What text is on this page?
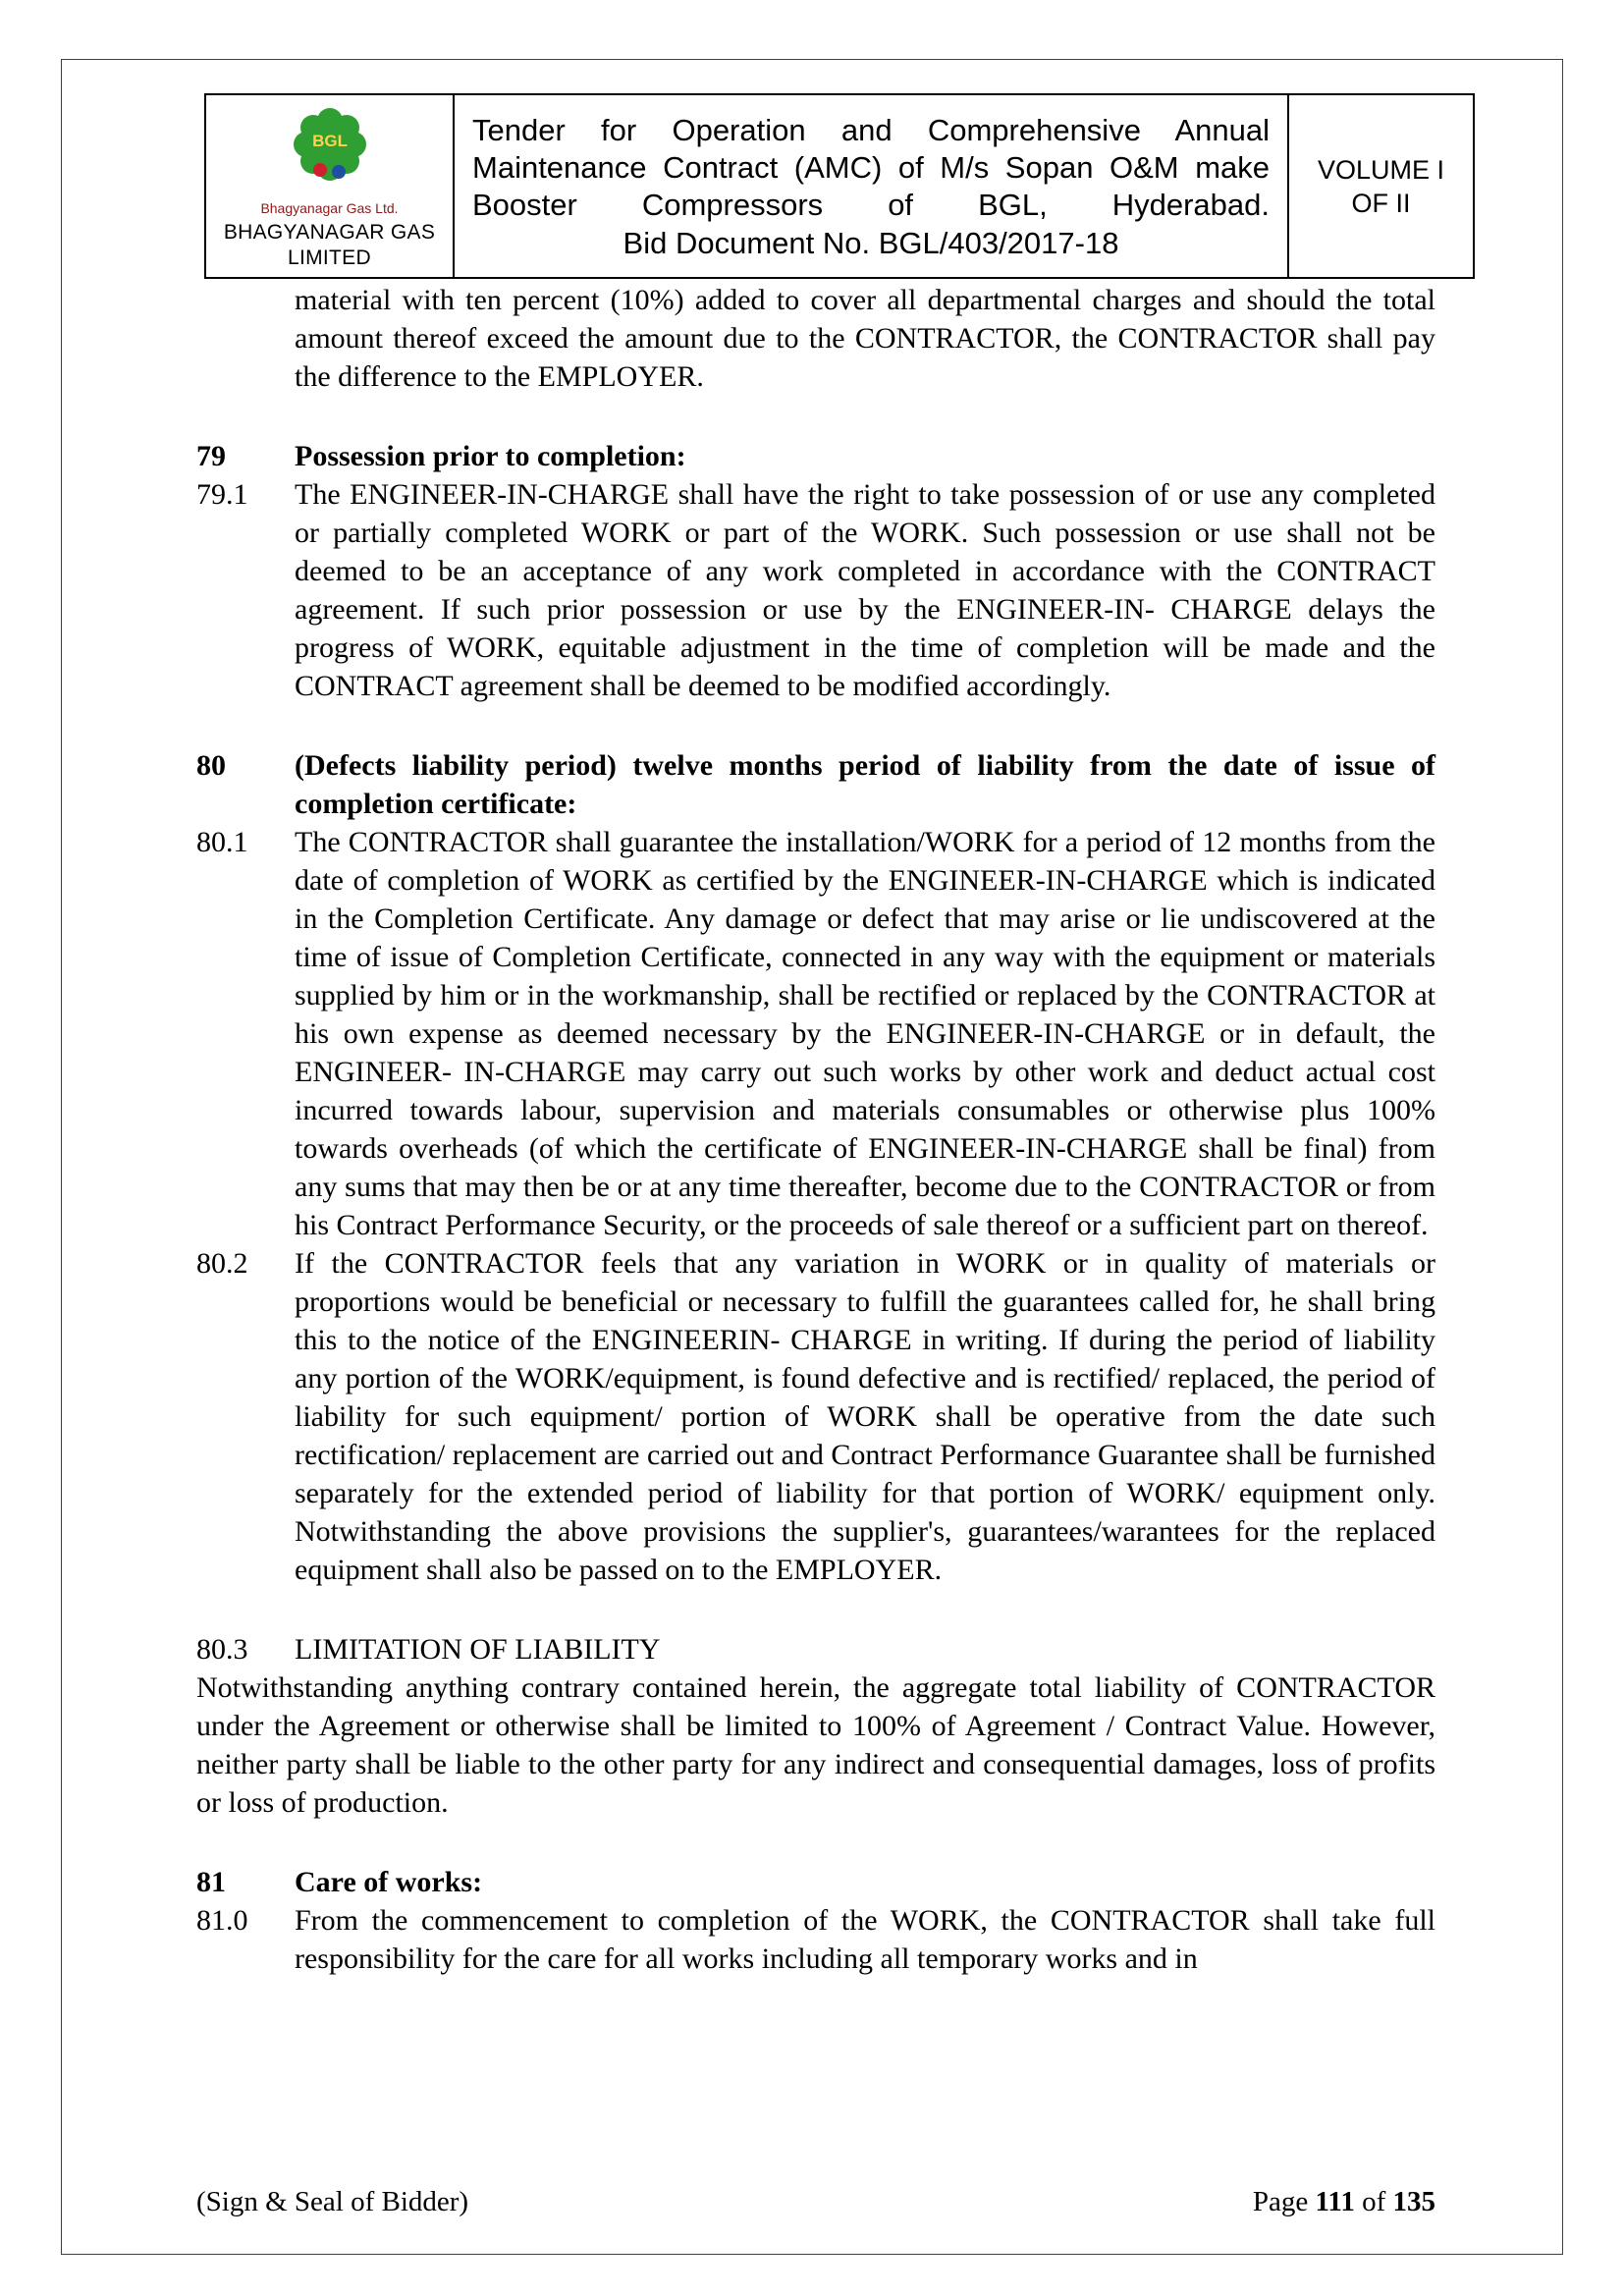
BGL
Bhagyanagar Gas Ltd.
BHAGYANAGAR GAS
LIMITED

Tender for Operation and Comprehensive Annual Maintenance Contract (AMC) of M/s Sopan O&M make Booster Compressors of BGL, Hyderabad.
Bid Document No. BGL/403/2017-18

VOLUME I
OF II

material with ten percent (10%) added to cover all departmental charges and should the total amount thereof exceed the amount due to the CONTRACTOR, the CONTRACTOR shall pay the difference to the EMPLOYER.

79	Possession prior to completion:
79.1	The ENGINEER-IN-CHARGE shall have the right to take possession of or use any completed or partially completed WORK or part of the WORK. Such possession or use shall not be deemed to be an acceptance of any work completed in accordance with the CONTRACT agreement. If such prior possession or use by the ENGINEER-IN- CHARGE delays the progress of WORK, equitable adjustment in the time of completion will be made and the CONTRACT agreement shall be deemed to be modified accordingly.
80	(Defects liability period) twelve months period of liability from the date of issue of completion certificate:
80.1	The CONTRACTOR shall guarantee the installation/WORK for a period of 12 months from the date of completion of WORK as certified by the ENGINEER-IN-CHARGE which is indicated in the Completion Certificate. Any damage or defect that may arise or lie undiscovered at the time of issue of Completion Certificate, connected in any way with the equipment or materials supplied by him or in the workmanship, shall be rectified or replaced by the CONTRACTOR at his own expense as deemed necessary by the ENGINEER-IN-CHARGE or in default, the ENGINEER- IN-CHARGE may carry out such works by other work and deduct actual cost incurred towards labour, supervision and materials consumables or otherwise plus 100% towards overheads (of which the certificate of ENGINEER-IN-CHARGE shall be final) from any sums that may then be or at any time thereafter, become due to the CONTRACTOR or from his Contract Performance Security, or the proceeds of sale thereof or a sufficient part on thereof.
80.2	If the CONTRACTOR feels that any variation in WORK or in quality of materials or proportions would be beneficial or necessary to fulfill the guarantees called for, he shall bring this to the notice of the ENGINEERIN- CHARGE in writing. If during the period of liability any portion of the WORK/equipment, is found defective and is rectified/ replaced, the period of liability for such equipment/ portion of WORK shall be operative from the date such rectification/ replacement are carried out and Contract Performance Guarantee shall be furnished separately for the extended period of liability for that portion of WORK/ equipment only. Notwithstanding the above provisions the supplier's, guarantees/warantees for the replaced equipment shall also be passed on to the EMPLOYER.
80.3	LIMITATION OF LIABILITY

Notwithstanding anything contrary contained herein, the aggregate total liability of CONTRACTOR under the Agreement or otherwise shall be limited to 100% of Agreement / Contract Value. However, neither party shall be liable to the other party for any indirect and consequential damages, loss of profits or loss of production.

81	Care of works:
81.0	From the commencement to completion of the WORK, the CONTRACTOR shall take full responsibility for the care for all works including all temporary works and in
(Sign & Seal of Bidder)	Page 111 of 135
